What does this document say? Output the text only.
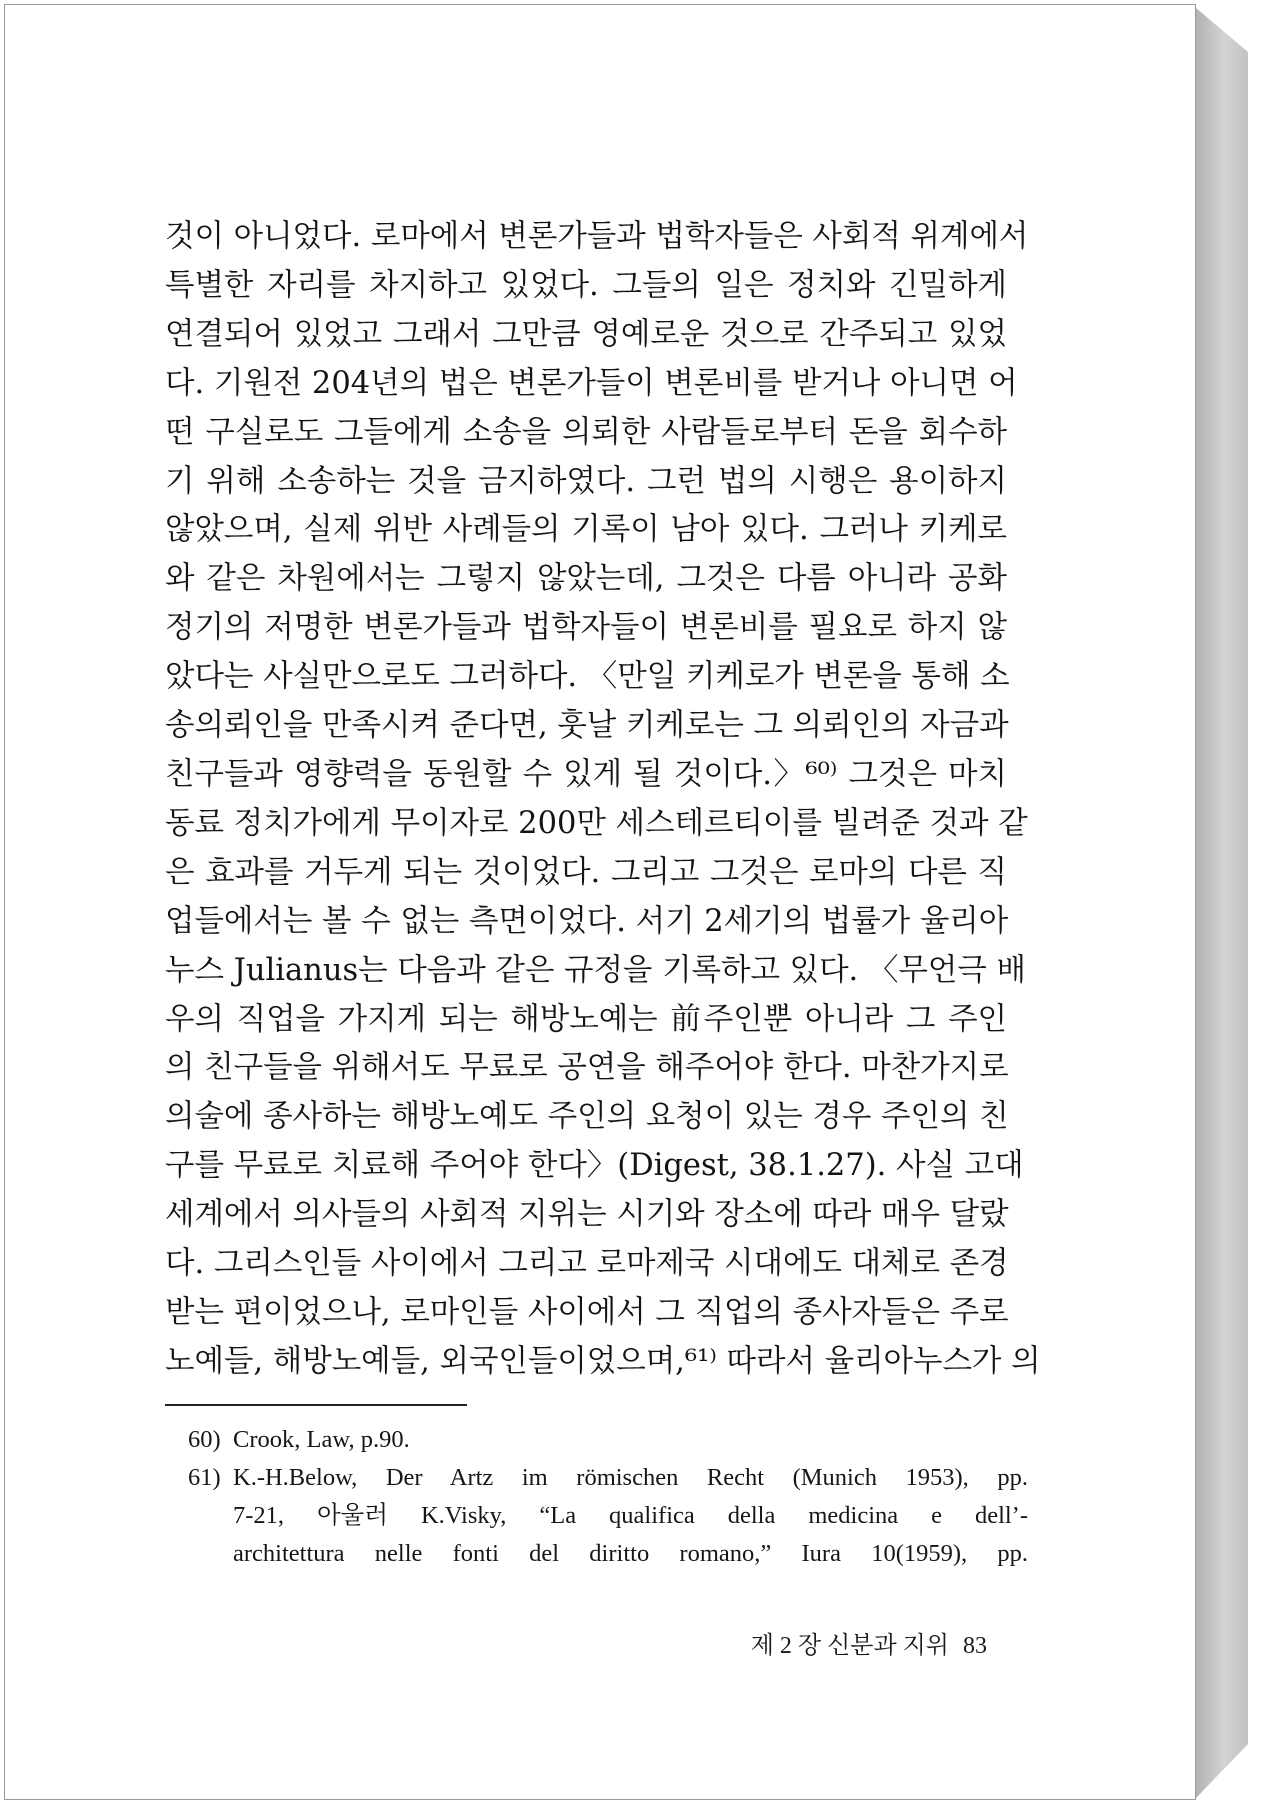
것이 아니었다. 로마에서 변론가들과 법학자들은 사회적 위계에서
특별한 자리를 차지하고 있었다. 그들의 일은 정치와 긴밀하게
연결되어 있었고 그래서 그만큼 영예로운 것으로 간주되고 있었
다. 기원전 204년의 법은 변론가들이 변론비를 받거나 아니면 어
떤 구실로도 그들에게 소송을 의뢰한 사람들로부터 돈을 회수하
기 위해 소송하는 것을 금지하였다. 그런 법의 시행은 용이하지
않았으며, 실제 위반 사례들의 기록이 남아 있다. 그러나 키케로
와 같은 차원에서는 그렇지 않았는데, 그것은 다름 아니라 공화
정기의 저명한 변론가들과 법학자들이 변론비를 필요로 하지 않
았다는 사실만으로도 그러하다. 〈만일 키케로가 변론을 통해 소
송의뢰인을 만족시켜 준다면, 훗날 키케로는 그 의뢰인의 자금과
친구들과 영향력을 동원할 수 있게 될 것이다.〉⁶⁰⁾ 그것은 마치
동료 정치가에게 무이자로 200만 세스테르티이를 빌려준 것과 같
은 효과를 거두게 되는 것이었다. 그리고 그것은 로마의 다른 직
업들에서는 볼 수 없는 측면이었다. 서기 2세기의 법률가 율리아
누스 Julianus는 다음과 같은 규정을 기록하고 있다. 〈무언극 배
우의 직업을 가지게 되는 해방노예는 前주인뿐 아니라 그 주인
의 친구들을 위해서도 무료로 공연을 해주어야 한다. 마찬가지로
의술에 종사하는 해방노예도 주인의 요청이 있는 경우 주인의 친
구를 무료로 치료해 주어야 한다〉(Digest, 38.1.27). 사실 고대
세계에서 의사들의 사회적 지위는 시기와 장소에 따라 매우 달랐
다. 그리스인들 사이에서 그리고 로마제국 시대에도 대체로 존경
받는 편이었으나, 로마인들 사이에서 그 직업의 종사자들은 주로
노예들, 해방노예들, 외국인들이었으며,⁶¹⁾ 따라서 율리아누스가 의
60) Crook, Law, p.90.
61) K.-H.Below, Der Artz im römischen Recht (Munich 1953), pp.
7-21, 아울러 K.Visky, “La qualifica della medicina e dell’-
architettura nelle fonti del diritto romano,” Iura 10(1959), pp.
제 2 장 신분과 지위 83
